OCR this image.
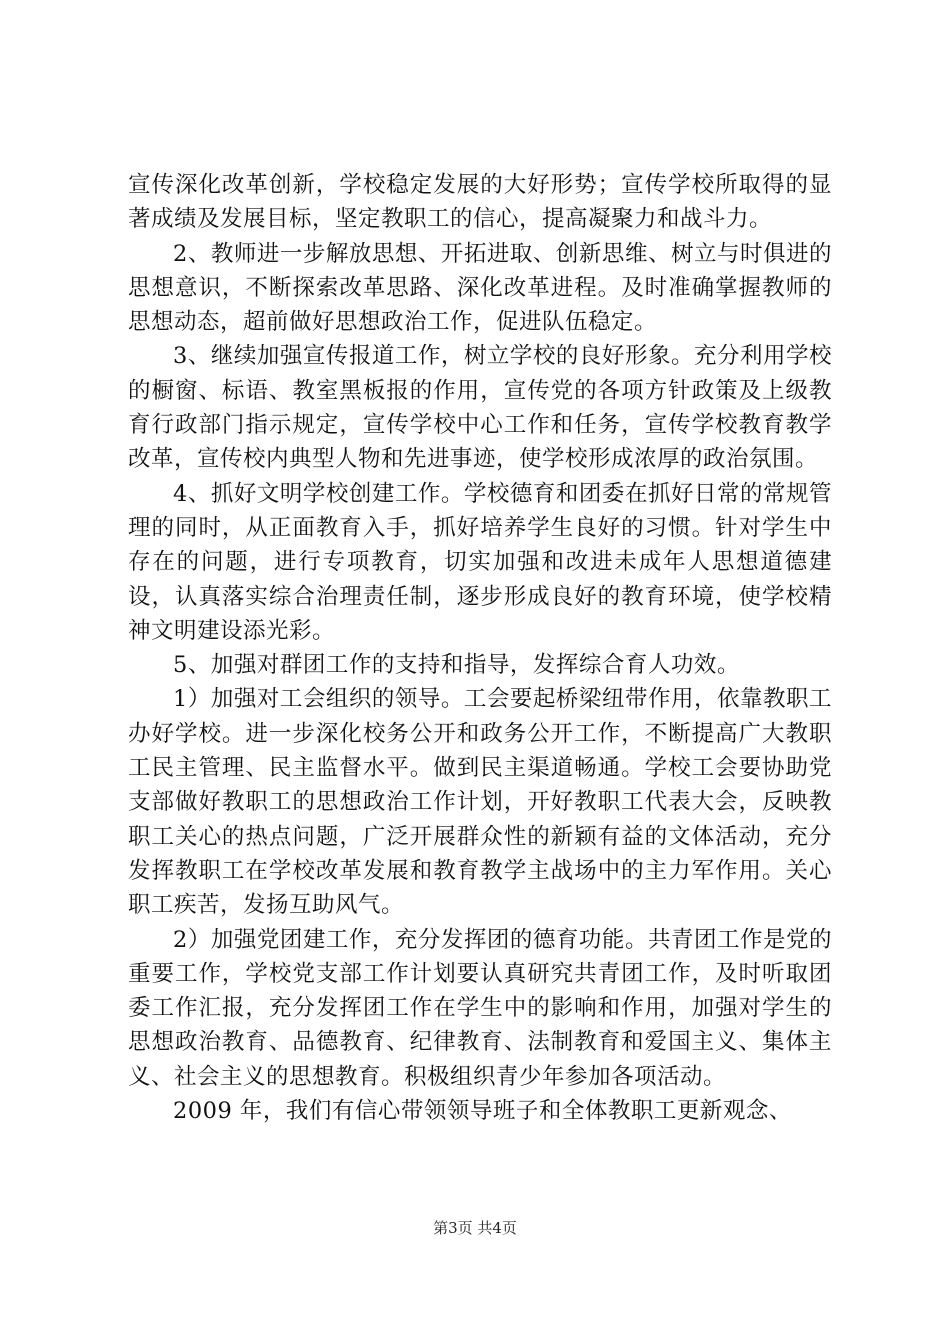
宣传深化改革创新，学校稳定发展的大好形势；宣传学校所取得的显著成绩及发展目标，坚定教职工的信心，提高凝聚力和战斗力。

2、教师进一步解放思想、开拓进取、创新思维、树立与时俱进的思想意识，不断探索改革思路、深化改革进程。及时准确掌握教师的思想动态，超前做好思想政治工作，促进队伍稳定。

3、继续加强宣传报道工作，树立学校的良好形象。充分利用学校的橱窗、标语、教室黑板报的作用，宣传党的各项方针政策及上级教育行政部门指示规定，宣传学校中心工作和任务，宣传学校教育教学改革，宣传校内典型人物和先进事迹，使学校形成浓厚的政治氛围。

4、抓好文明学校创建工作。学校德育和团委在抓好日常的常规管理的同时，从正面教育入手，抓好培养学生良好的习惯。针对学生中存在的问题，进行专项教育，切实加强和改进未成年人思想道德建设，认真落实综合治理责任制，逐步形成良好的教育环境，使学校精神文明建设添光彩。

5、加强对群团工作的支持和指导，发挥综合育人功效。

1）加强对工会组织的领导。工会要起桥梁纽带作用，依靠教职工办好学校。进一步深化校务公开和政务公开工作，不断提高广大教职工民主管理、民主监督水平。做到民主渠道畅通。学校工会要协助党支部做好教职工的思想政治工作计划，开好教职工代表大会，反映教职工关心的热点问题，广泛开展群众性的新颖有益的文体活动，充分发挥教职工在学校改革发展和教育教学主战场中的主力军作用。关心职工疾苦，发扬互助风气。

2）加强党团建工作，充分发挥团的德育功能。共青团工作是党的重要工作，学校党支部工作计划要认真研究共青团工作，及时听取团委工作汇报，充分发挥团工作在学生中的影响和作用，加强对学生的思想政治教育、品德教育、纪律教育、法制教育和爱国主义、集体主义、社会主义的思想教育。积极组织青少年参加各项活动。

2009 年，我们有信心带领领导班子和全体教职工更新观念、

第3页 共4页
